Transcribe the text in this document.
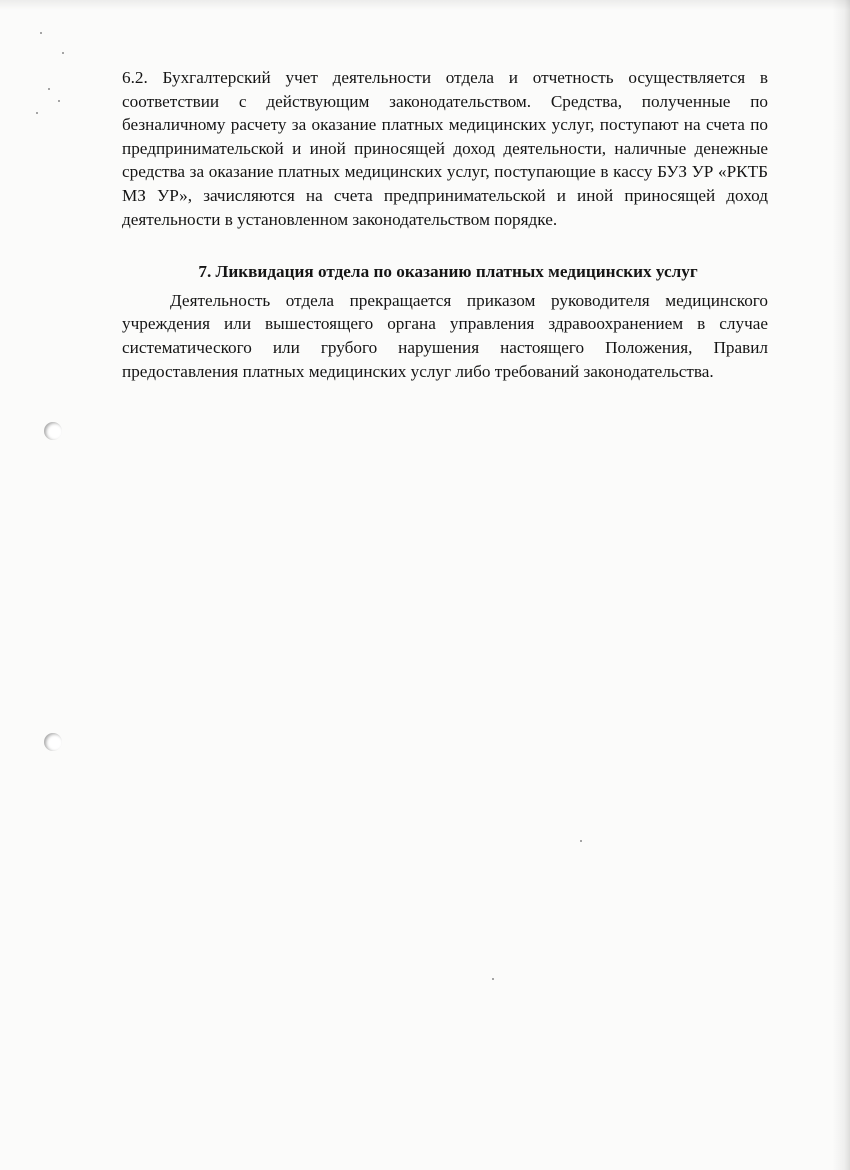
6.2. Бухгалтерский учет деятельности отдела и отчетность осуществляется в соответствии с действующим законодательством. Средства, полученные по безналичному расчету за оказание платных медицинских услуг, поступают на счета по предпринимательской и иной приносящей доход деятельности, наличные денежные средства за оказание платных медицинских услуг, поступающие в кассу БУЗ УР «РКТБ МЗ УР», зачисляются на счета предпринимательской и иной приносящей доход деятельности в установленном законодательством порядке.

7. Ликвидация отдела по оказанию платных медицинских услуг

Деятельность отдела прекращается приказом руководителя медицинского учреждения или вышестоящего органа управления здравоохранением в случае систематического или грубого нарушения настоящего Положения, Правил предоставления платных медицинских услуг либо требований законодательства.
